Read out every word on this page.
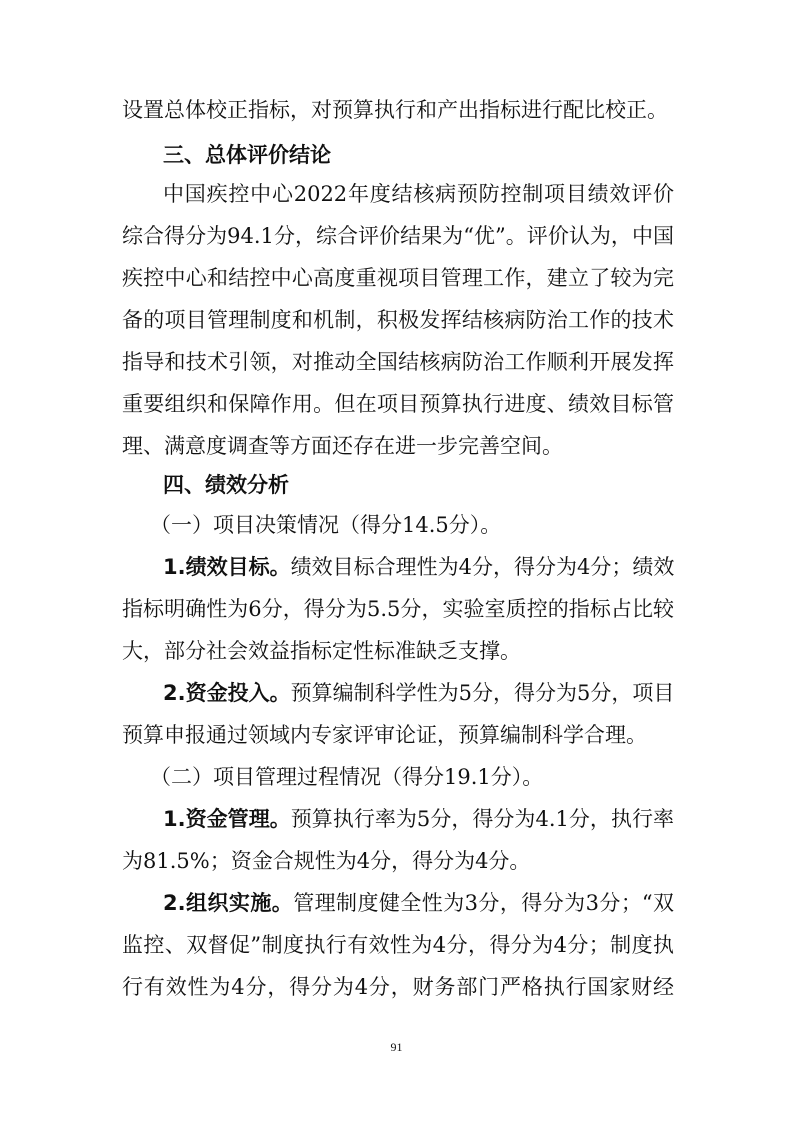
设置总体校正指标，对预算执行和产出指标进行配比校正。
三、总体评价结论
中国疾控中心2022年度结核病预防控制项目绩效评价
综合得分为94.1分，综合评价结果为“优”。评价认为，中国
疾控中心和结控中心高度重视项目管理工作，建立了较为完
备的项目管理制度和机制，积极发挥结核病防治工作的技术
指导和技术引领，对推动全国结核病防治工作顺利开展发挥
重要组织和保障作用。但在项目预算执行进度、绩效目标管
理、满意度调查等方面还存在进一步完善空间。
四、绩效分析
（一）项目决策情况（得分14.5分）。
1.绩效目标。绩效目标合理性为4分，得分为4分；绩效
指标明确性为6分，得分为5.5分，实验室质控的指标占比较
大，部分社会效益指标定性标准缺乏支撑。
2.资金投入。预算编制科学性为5分，得分为5分，项目
预算申报通过领域内专家评审论证，预算编制科学合理。
（二）项目管理过程情况（得分19.1分）。
1.资金管理。预算执行率为5分，得分为4.1分，执行率
为81.5%；资金合规性为4分，得分为4分。
2.组织实施。管理制度健全性为3分，得分为3分；“双
监控、双督促”制度执行有效性为4分，得分为4分；制度执
行有效性为4分，得分为4分，财务部门严格执行国家财经
91
